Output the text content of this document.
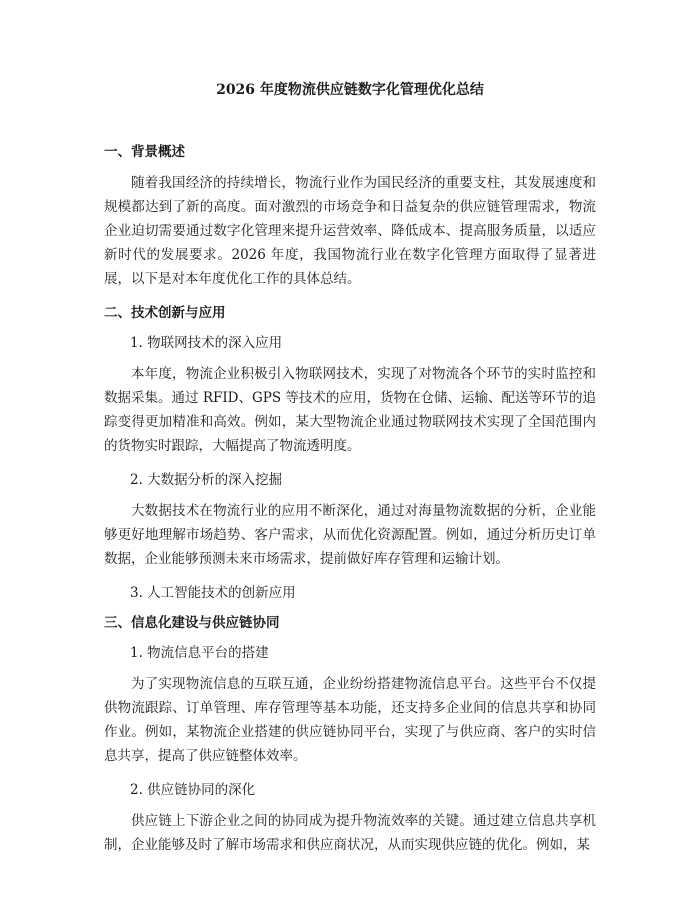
2026 年度物流供应链数字化管理优化总结
一、背景概述

随着我国经济的持续增长，物流行业作为国民经济的重要支柱，其发展速度和规模都达到了新的高度。面对激烈的市场竞争和日益复杂的供应链管理需求，物流企业迫切需要通过数字化管理来提升运营效率、降低成本、提高服务质量，以适应新时代的发展要求。2026 年度，我国物流行业在数字化管理方面取得了显著进展，以下是对本年度优化工作的具体总结。

二、技术创新与应用

1. 物联网技术的深入应用

本年度，物流企业积极引入物联网技术，实现了对物流各个环节的实时监控和数据采集。通过 RFID、GPS 等技术的应用，货物在仓储、运输、配送等环节的追踪变得更加精准和高效。例如，某大型物流企业通过物联网技术实现了全国范围内的货物实时跟踪，大幅提高了物流透明度。

2. 大数据分析的深入挖掘

大数据技术在物流行业的应用不断深化，通过对海量物流数据的分析，企业能够更好地理解市场趋势、客户需求，从而优化资源配置。例如，通过分析历史订单数据，企业能够预测未来市场需求，提前做好库存管理和运输计划。

3. 人工智能技术的创新应用

三、信息化建设与供应链协同

1. 物流信息平台的搭建

为了实现物流信息的互联互通，企业纷纷搭建物流信息平台。这些平台不仅提供物流跟踪、订单管理、库存管理等基本功能，还支持多企业间的信息共享和协同作业。例如，某物流企业搭建的供应链协同平台，实现了与供应商、客户的实时信息共享，提高了供应链整体效率。

2. 供应链协同的深化

供应链上下游企业之间的协同成为提升物流效率的关键。通过建立信息共享机制，企业能够及时了解市场需求和供应商状况，从而实现供应链的优化。例如，某
